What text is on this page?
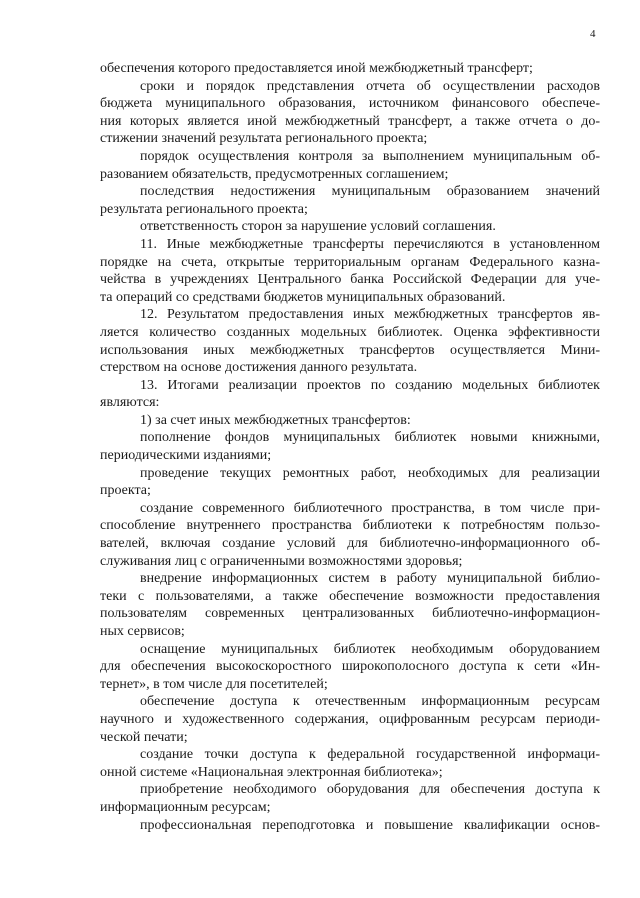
4
обеспечения которого предоставляется иной межбюджетный трансферт;
сроки и порядок представления отчета об осуществлении расходов
бюджета муниципального образования, источником финансового обеспече-
ния которых является иной межбюджетный трансферт, а также отчета о до-
стижении значений результата регионального проекта;
порядок осуществления контроля за выполнением муниципальным об-
разованием обязательств, предусмотренных соглашением;
последствия недостижения муниципальным образованием значений
результата регионального проекта;
ответственность сторон за нарушение условий соглашения.
11. Иные межбюджетные трансферты перечисляются в установленном
порядке на счета, открытые территориальным органам Федерального казна-
чейства в учреждениях Центрального банка Российской Федерации для уче-
та операций со средствами бюджетов муниципальных образований.
12. Результатом предоставления иных межбюджетных трансфертов яв-
ляется количество созданных модельных библиотек. Оценка эффективности
использования иных межбюджетных трансфертов осуществляется Мини-
стерством на основе достижения данного результата.
13. Итогами реализации проектов по созданию модельных библиотек
являются:
1) за счет иных межбюджетных трансфертов:
пополнение фондов муниципальных библиотек новыми книжными,
периодическими изданиями;
проведение текущих ремонтных работ, необходимых для реализации
проекта;
создание современного библиотечного пространства, в том числе при-
способление внутреннего пространства библиотеки к потребностям пользо-
вателей, включая создание условий для библиотечно-информационного об-
служивания лиц с ограниченными возможностями здоровья;
внедрение информационных систем в работу муниципальной библио-
теки с пользователями, а также обеспечение возможности предоставления
пользователям современных централизованных библиотечно-информацион-
ных сервисов;
оснащение муниципальных библиотек необходимым оборудованием
для обеспечения высокоскоростного широкополосного доступа к сети «Ин-
тернет», в том числе для посетителей;
обеспечение доступа к отечественным информационным ресурсам
научного и художественного содержания, оцифрованным ресурсам периоди-
ческой печати;
создание точки доступа к федеральной государственной информаци-
онной системе «Национальная электронная библиотека»;
приобретение необходимого оборудования для обеспечения доступа к
информационным ресурсам;
профессиональная переподготовка и повышение квалификации основ-
